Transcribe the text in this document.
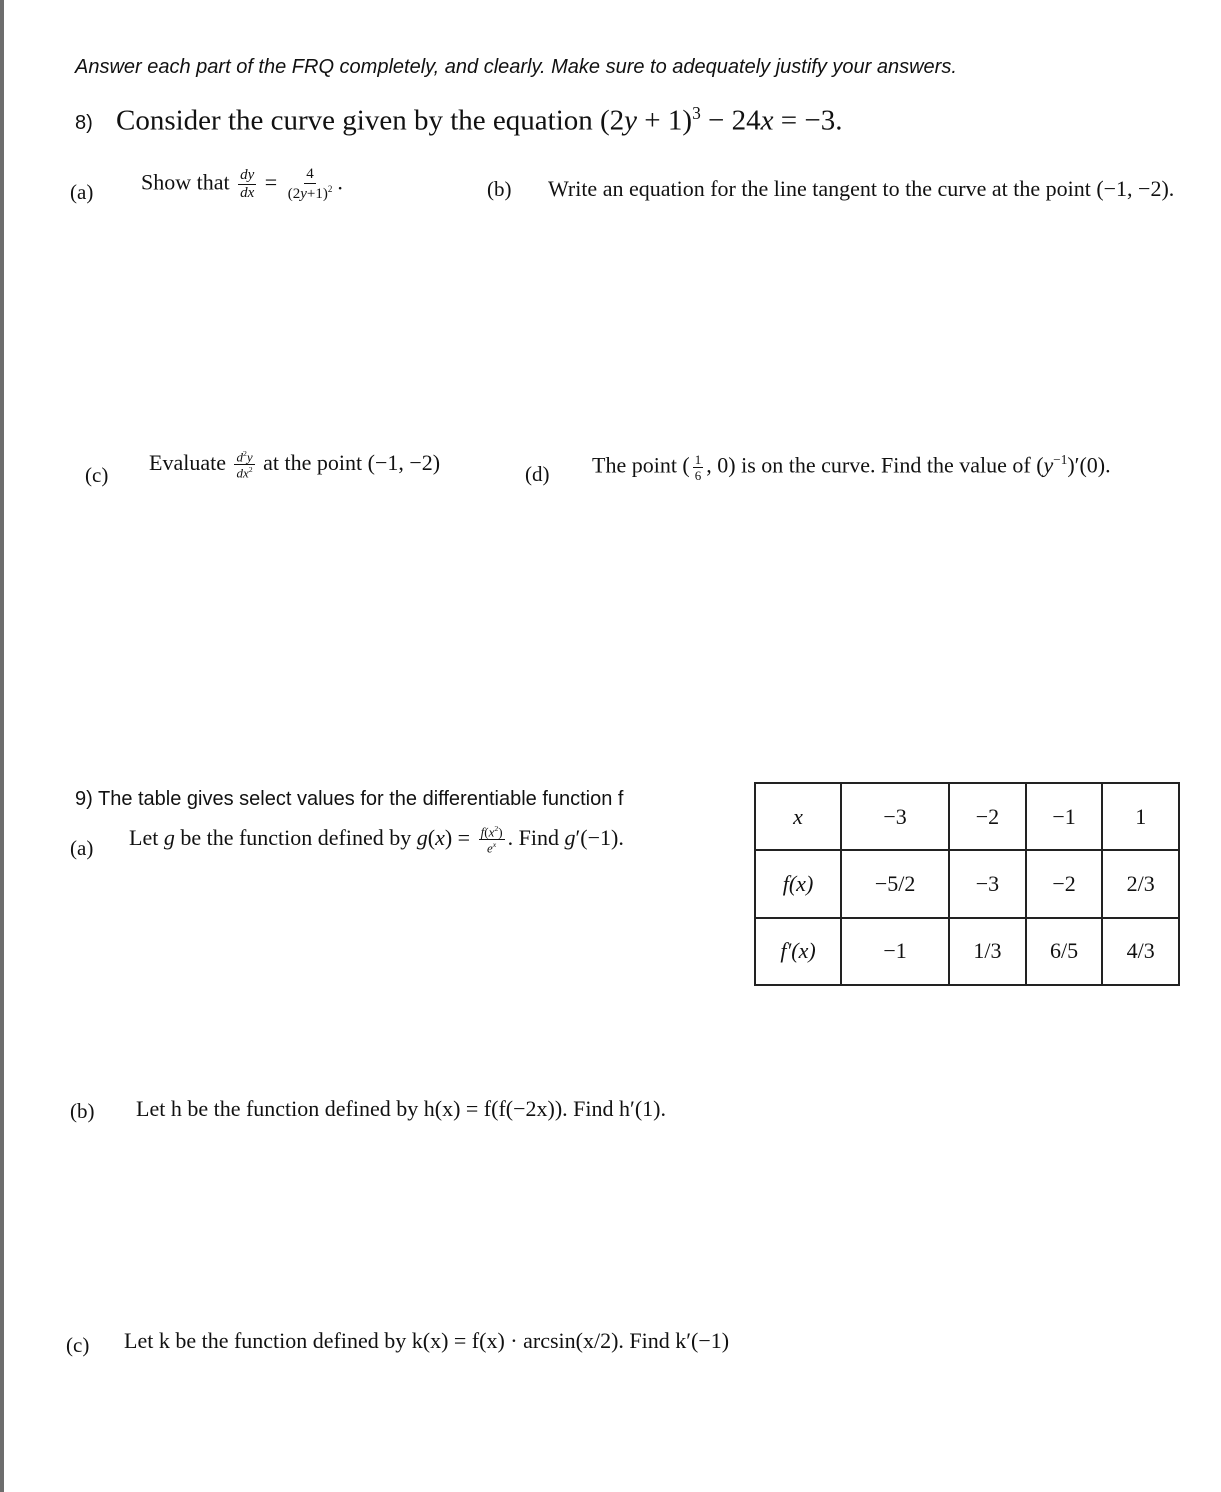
Answer each part of the FRQ completely, and clearly. Make sure to adequately justify your answers.
8) Consider the curve given by the equation $(2y + 1)^3 - 24x = -3$.
(a) Show that $\frac{dy}{dx} = \frac{4}{(2y+1)^2}$ .	(b) Write an equation for the line tangent to the curve at the point (−1, −2).
(c) Evaluate $\frac{d^2y}{dx^2}$ at the point (−1, −2)	(d) The point ( $\frac{1}{6}$ , 0) is on the curve. Find the value of $(y^{-1})'(0)$.
9) The table gives select values for the differentiable function f
(a) Let g be the function defined by $g(x) = \frac{f(x^2)}{e^x}$ . Find g′(−1).
x	−3	−2	−1	1
f(x)	−5/2	−3	−2	2/3
f′(x)	−1	1/3	6/5	4/3
(b) Let h be the function defined by h(x) = f(f(−2x)). Find h′(1).
(c) Let k be the function defined by k(x) = f(x) · arcsin(x/2). Find k′(−1)
